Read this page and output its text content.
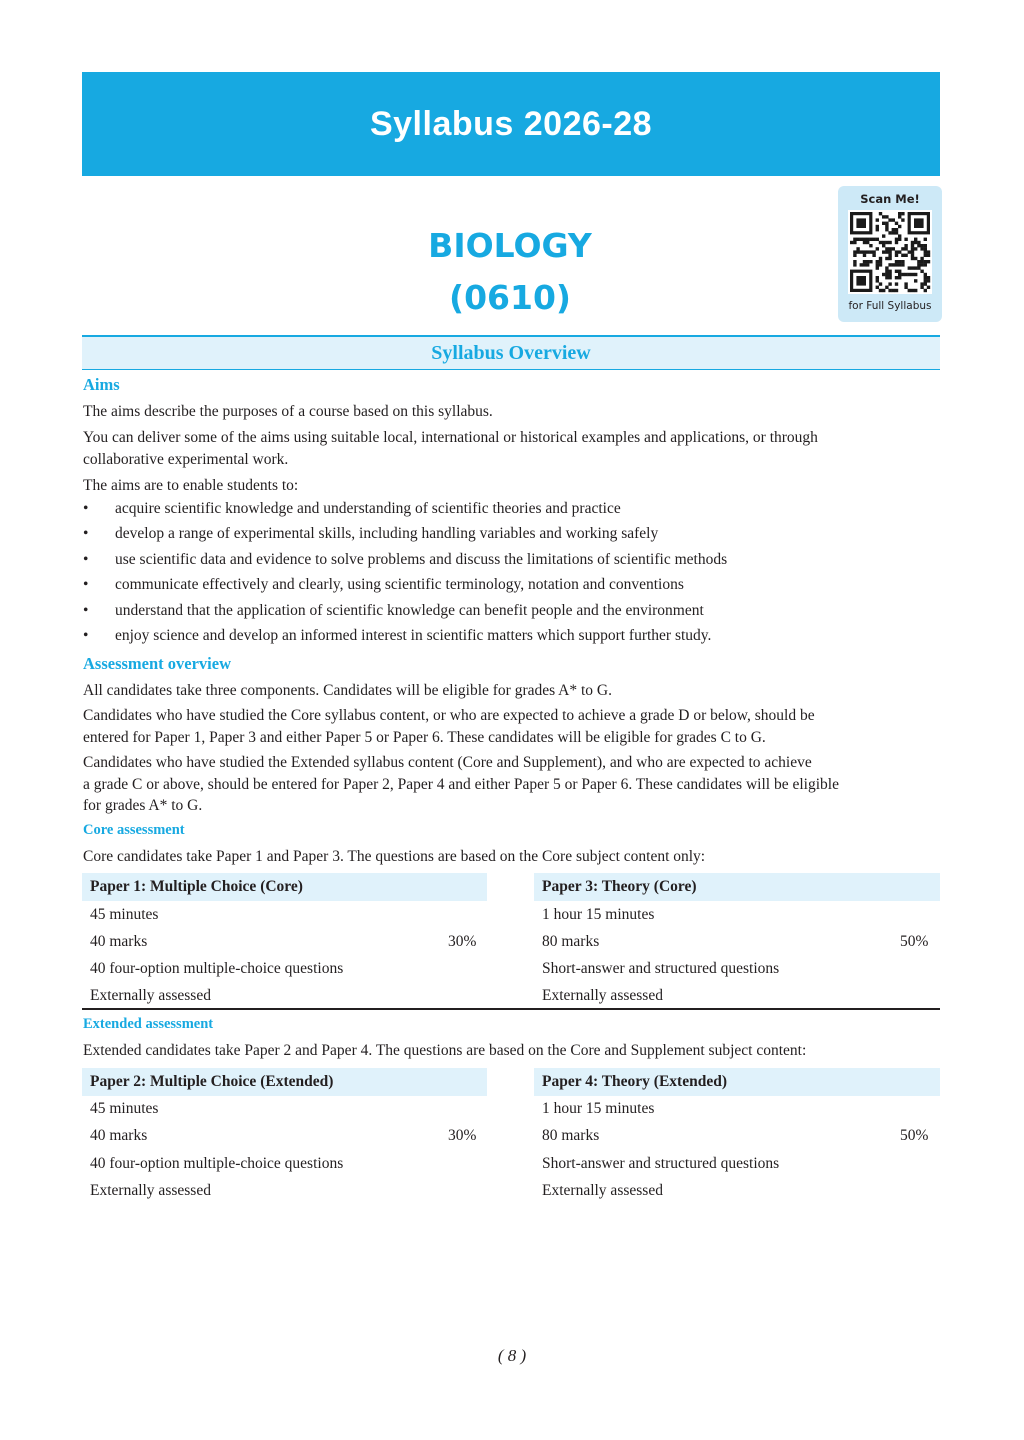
Syllabus 2026-28
BIOLOGY
(0610)
Scan Me!
for Full Syllabus
Syllabus Overview
Aims
The aims describe the purposes of a course based on this syllabus.
You can deliver some of the aims using suitable local, international or historical examples and applications, or through
collaborative experimental work.
The aims are to enable students to:
• acquire scientific knowledge and understanding of scientific theories and practice
• develop a range of experimental skills, including handling variables and working safely
• use scientific data and evidence to solve problems and discuss the limitations of scientific methods
• communicate effectively and clearly, using scientific terminology, notation and conventions
• understand that the application of scientific knowledge can benefit people and the environment
• enjoy science and develop an informed interest in scientific matters which support further study.
Assessment overview
All candidates take three components. Candidates will be eligible for grades A* to G.
Candidates who have studied the Core syllabus content, or who are expected to achieve a grade D or below, should be
entered for Paper 1, Paper 3 and either Paper 5 or Paper 6. These candidates will be eligible for grades C to G.
Candidates who have studied the Extended syllabus content (Core and Supplement), and who are expected to achieve
a grade C or above, should be entered for Paper 2, Paper 4 and either Paper 5 or Paper 6. These candidates will be eligible
for grades A* to G.
Core assessment
Core candidates take Paper 1 and Paper 3. The questions are based on the Core subject content only:
Paper 1: Multiple Choice (Core)
45 minutes
40 marks	30%
40 four-option multiple-choice questions
Externally assessed
Paper 3: Theory (Core)
1 hour 15 minutes
80 marks	50%
Short-answer and structured questions
Externally assessed
Extended assessment
Extended candidates take Paper 2 and Paper 4. The questions are based on the Core and Supplement subject content:
Paper 2: Multiple Choice (Extended)
45 minutes
40 marks	30%
40 four-option multiple-choice questions
Externally assessed
Paper 4: Theory (Extended)
1 hour 15 minutes
80 marks	50%
Short-answer and structured questions
Externally assessed
( 8 )
